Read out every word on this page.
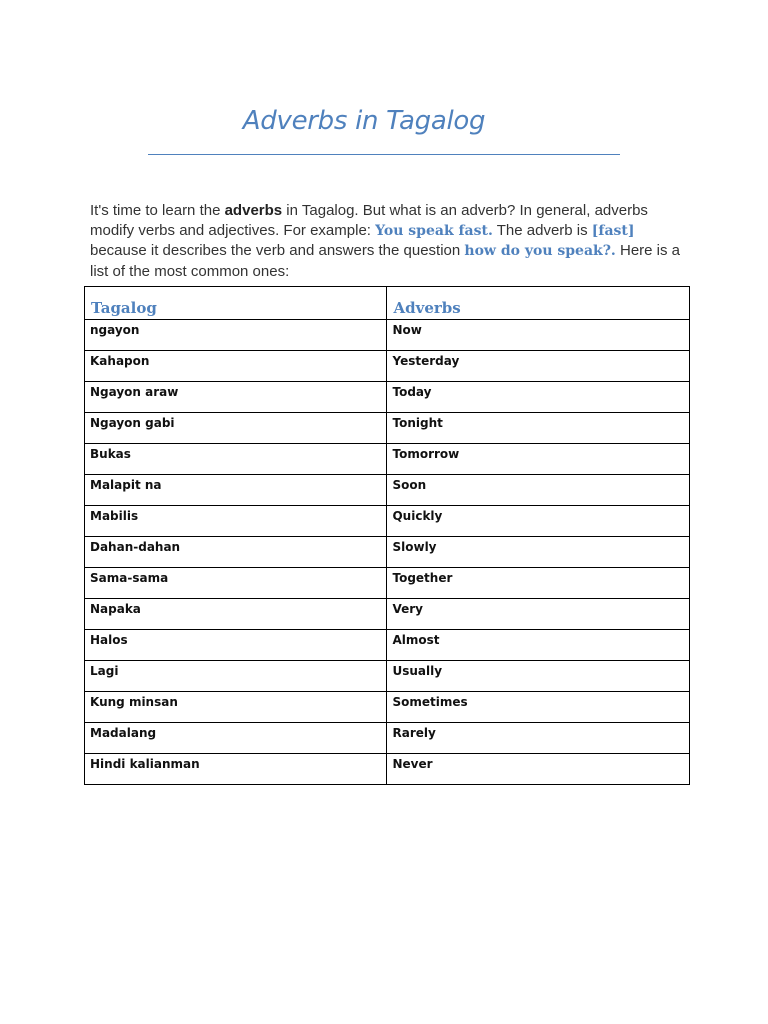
Adverbs in Tagalog

It's time to learn the adverbs in Tagalog. But what is an adverb? In general, adverbs modify verbs and adjectives. For example: You speak fast. The adverb is [fast] because it describes the verb and answers the question how do you speak?. Here is a list of the most common ones:

Tagalog	Adverbs
ngayon	Now
Kahapon	Yesterday
Ngayon araw	Today
Ngayon gabi	Tonight
Bukas	Tomorrow
Malapit na	Soon
Mabilis	Quickly
Dahan-dahan	Slowly
Sama-sama	Together
Napaka	Very
Halos	Almost
Lagi	Usually
Kung minsan	Sometimes
Madalang	Rarely
Hindi kalianman	Never
